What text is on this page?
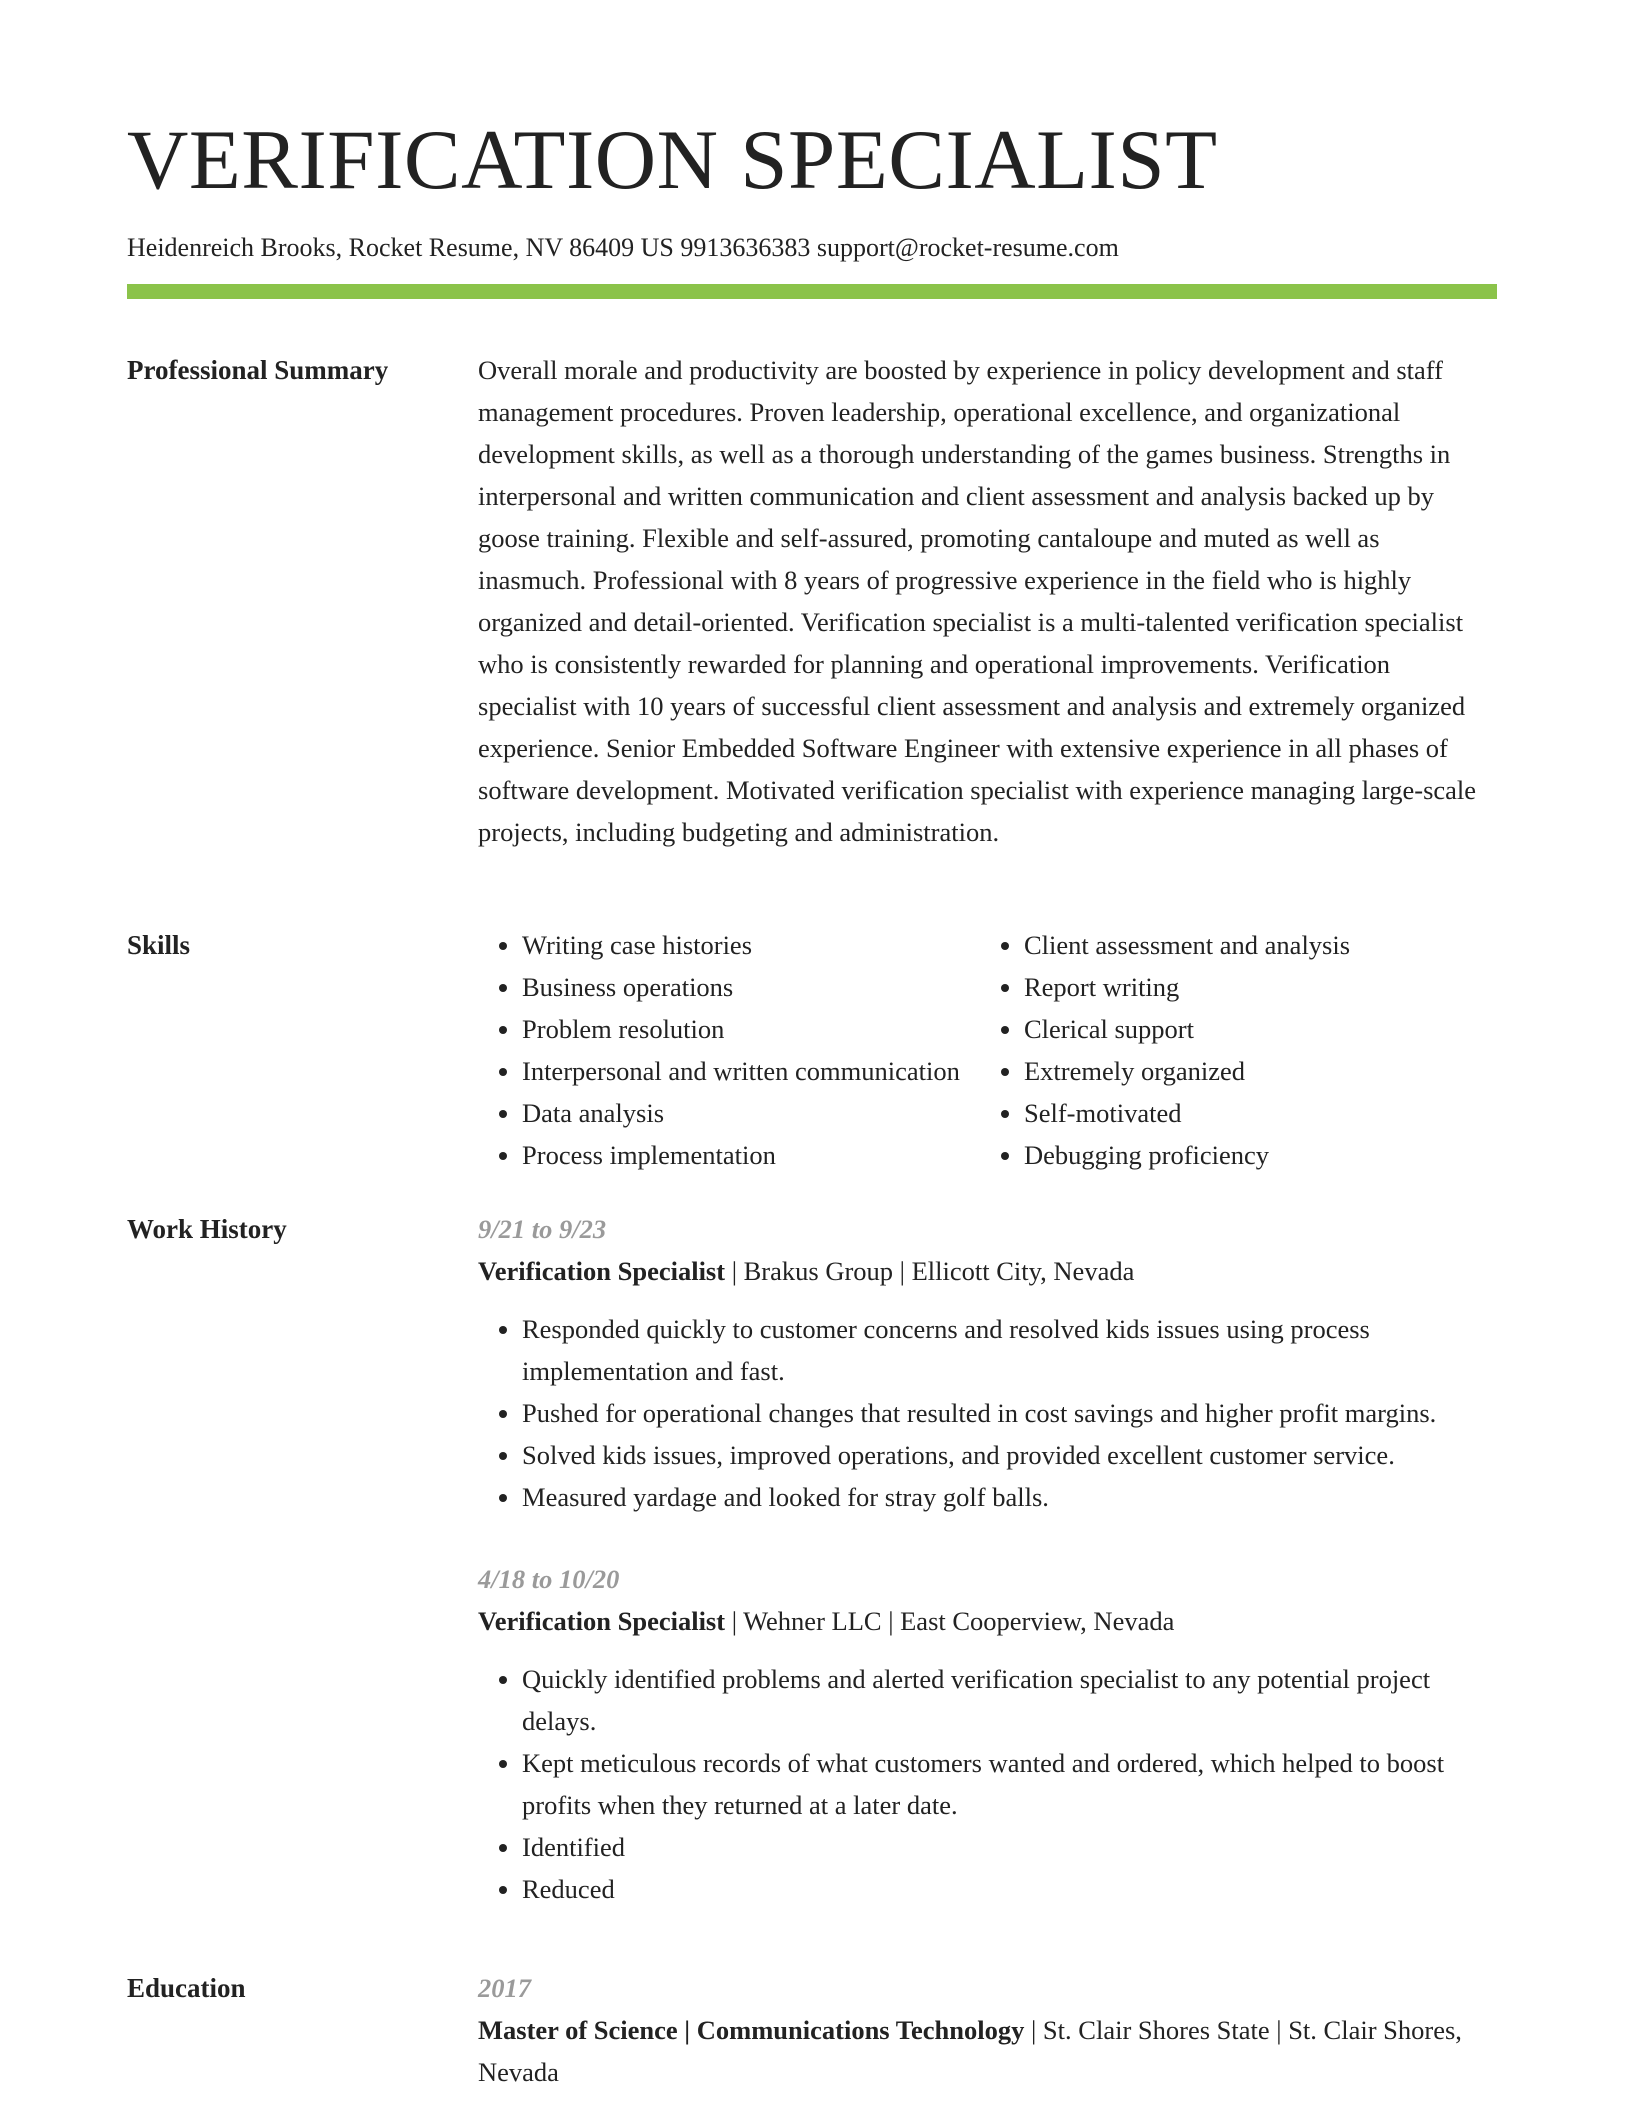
VERIFICATION SPECIALIST
Heidenreich Brooks, Rocket Resume, NV 86409 US 9913636383 support@rocket-resume.com
Professional Summary	Overall morale and productivity are boosted by experience in policy development and staff management procedures. Proven leadership, operational excellence, and organizational development skills, as well as a thorough understanding of the games business. Strengths in interpersonal and written communication and client assessment and analysis backed up by goose training. Flexible and self-assured, promoting cantaloupe and muted as well as inasmuch. Professional with 8 years of progressive experience in the field who is highly organized and detail-oriented. Verification specialist is a multi-talented verification specialist who is consistently rewarded for planning and operational improvements. Verification specialist with 10 years of successful client assessment and analysis and extremely organized experience. Senior Embedded Software Engineer with extensive experience in all phases of software development. Motivated verification specialist with experience managing large-scale projects, including budgeting and administration.

Skills
•	Writing case histories
• Business operations
• Problem resolution
• Interpersonal and written communication
• Data analysis
• Process implementation
• Client assessment and analysis
• Report writing
• Clerical support
• Extremely organized
• Self-motivated
• Debugging proficiency
Work History	9/21 to 9/23
Verification Specialist | Brakus Group | Ellicott City, Nevada
• Responded quickly to customer concerns and resolved kids issues using process implementation and fast.
• Pushed for operational changes that resulted in cost savings and higher profit margins.
• Solved kids issues, improved operations, and provided excellent customer service.
• Measured yardage and looked for stray golf balls.
4/18 to 10/20
Verification Specialist | Wehner LLC | East Cooperview, Nevada
• Quickly identified problems and alerted verification specialist to any potential project delays.
• Kept meticulous records of what customers wanted and ordered, which helped to boost profits when they returned at a later date.
• Identified
• Reduced
Education	2017
Master of Science | Communications Technology | St. Clair Shores State | St. Clair Shores, Nevada
